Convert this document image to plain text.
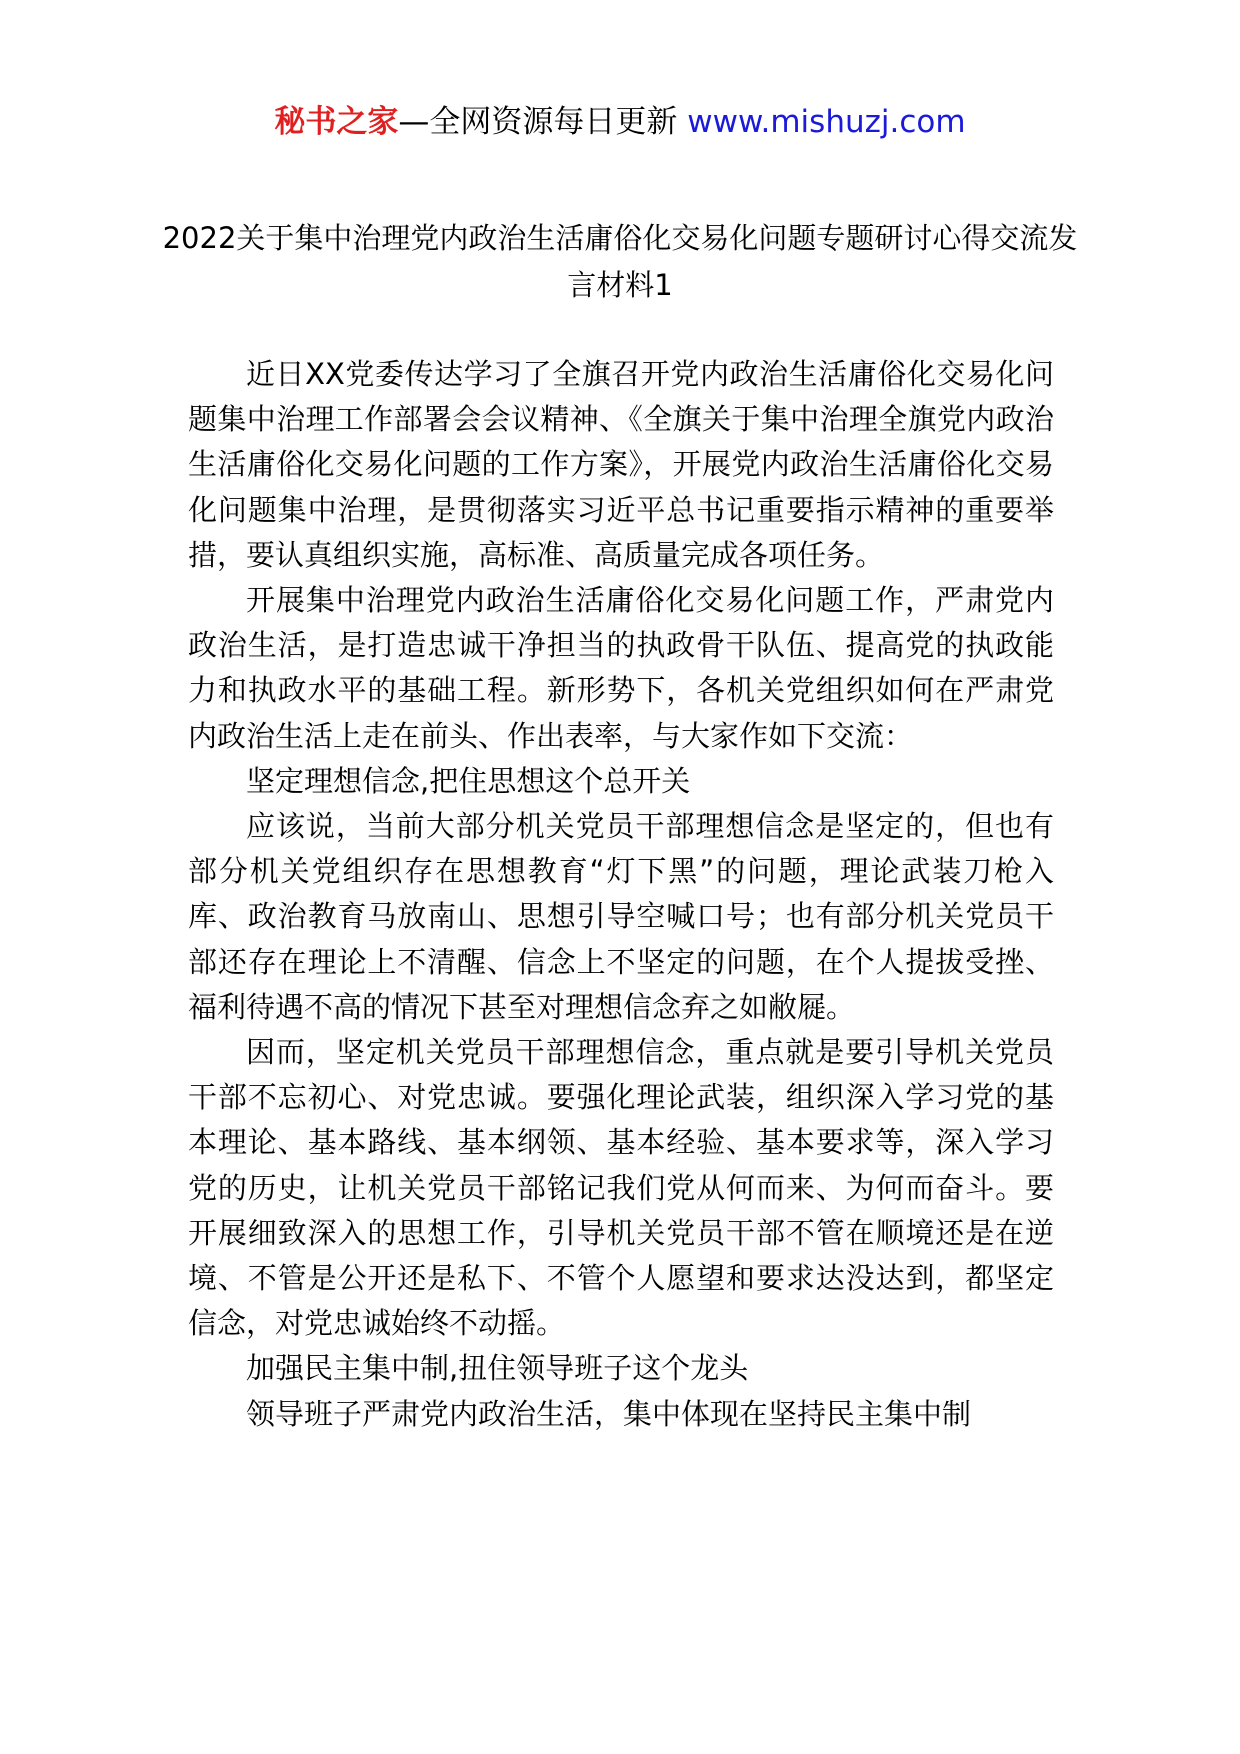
秘书之家—全网资源每日更新 www.mishuzj.com
2022关于集中治理党内政治生活庸俗化交易化问题专题研讨心得交流发言材料1

近日XX党委传达学习了全旗召开党内政治生活庸俗化交易化问题集中治理工作部署会会议精神、《全旗关于集中治理全旗党内政治生活庸俗化交易化问题的工作方案》，开展党内政治生活庸俗化交易化问题集中治理，是贯彻落实习近平总书记重要指示精神的重要举措，要认真组织实施，高标准、高质量完成各项任务。

开展集中治理党内政治生活庸俗化交易化问题工作，严肃党内政治生活，是打造忠诚干净担当的执政骨干队伍、提高党的执政能力和执政水平的基础工程。新形势下，各机关党组织如何在严肃党内政治生活上走在前头、作出表率，与大家作如下交流：

坚定理想信念,把住思想这个总开关

应该说，当前大部分机关党员干部理想信念是坚定的，但也有部分机关党组织存在思想教育“灯下黑”的问题，理论武装刀枪入库、政治教育马放南山、思想引导空喊口号；也有部分机关党员干部还存在理论上不清醒、信念上不坚定的问题，在个人提拔受挫、福利待遇不高的情况下甚至对理想信念弃之如敝屣。

因而，坚定机关党员干部理想信念，重点就是要引导机关党员干部不忘初心、对党忠诚。要强化理论武装，组织深入学习党的基本理论、基本路线、基本纲领、基本经验、基本要求等，深入学习党的历史，让机关党员干部铭记我们党从何而来、为何而奋斗。要开展细致深入的思想工作，引导机关党员干部不管在顺境还是在逆境、不管是公开还是私下、不管个人愿望和要求达没达到，都坚定信念，对党忠诚始终不动摇。

加强民主集中制,扭住领导班子这个龙头

领导班子严肃党内政治生活，集中体现在坚持民主集中制
